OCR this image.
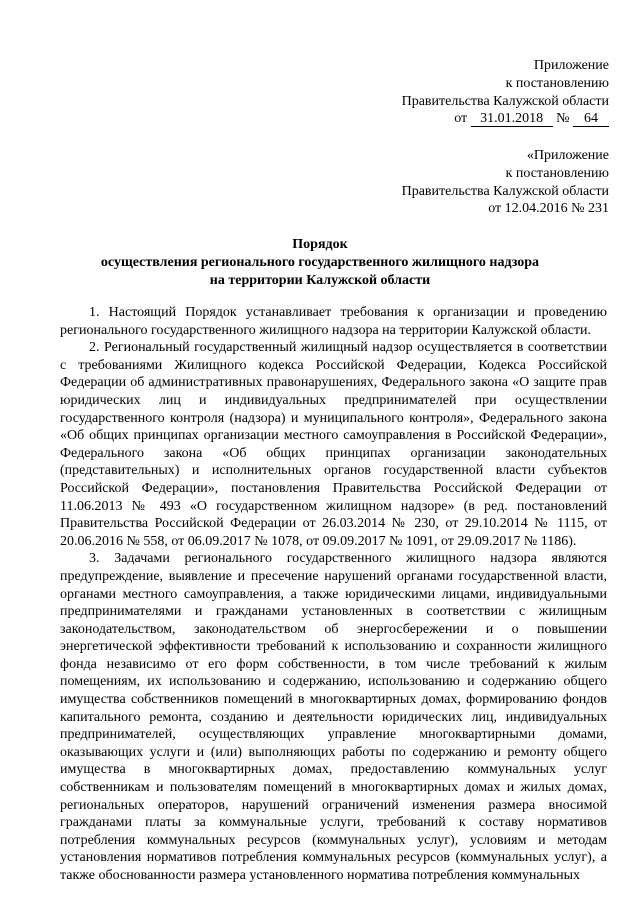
Приложение
к постановлению
Правительства Калужской области
от 31.01.2018 № 64
«Приложение
к постановлению
Правительства Калужской области
от 12.04.2016 № 231
Порядок
осуществления регионального государственного жилищного надзора
на территории Калужской области

1. Настоящий Порядок устанавливает требования к организации и проведению регионального государственного жилищного надзора на территории Калужской области.

2. Региональный государственный жилищный надзор осуществляется в соответствии с требованиями Жилищного кодекса Российской Федерации, Кодекса Российской Федерации об административных правонарушениях, Федерального закона «О защите прав юридических лиц и индивидуальных предпринимателей при осуществлении государственного контроля (надзора) и муниципального контроля», Федерального закона «Об общих принципах организации местного самоуправления в Российской Федерации», Федерального закона «Об общих принципах организации законодательных (представительных) и исполнительных органов государственной власти субъектов Российской Федерации», постановления Правительства Российской Федерации от 11.06.2013 № 493 «О государственном жилищном надзоре» (в ред. постановлений Правительства Российской Федерации от 26.03.2014 № 230, от 29.10.2014 № 1115, от 20.06.2016 № 558, от 06.09.2017 № 1078, от 09.09.2017 № 1091, от 29.09.2017 № 1186).

3. Задачами регионального государственного жилищного надзора являются предупреждение, выявление и пресечение нарушений органами государственной власти, органами местного самоуправления, а также юридическими лицами, индивидуальными предпринимателями и гражданами установленных в соответствии с жилищным законодательством, законодательством об энергосбережении и о повышении энергетической эффективности требований к использованию и сохранности жилищного фонда независимо от его форм собственности, в том числе требований к жилым помещениям, их использованию и содержанию, использованию и содержанию общего имущества собственников помещений в многоквартирных домах, формированию фондов капитального ремонта, созданию и деятельности юридических лиц, индивидуальных предпринимателей, осуществляющих управление многоквартирными домами, оказывающих услуги и (или) выполняющих работы по содержанию и ремонту общего имущества в многоквартирных домах, предоставлению коммунальных услуг собственникам и пользователям помещений в многоквартирных домах и жилых домах, региональных операторов, нарушений ограничений изменения размера вносимой гражданами платы за коммунальные услуги, требований к составу нормативов потребления коммунальных ресурсов (коммунальных услуг), условиям и методам установления нормативов потребления коммунальных ресурсов (коммунальных услуг), а также обоснованности размера установленного норматива потребления коммунальных
